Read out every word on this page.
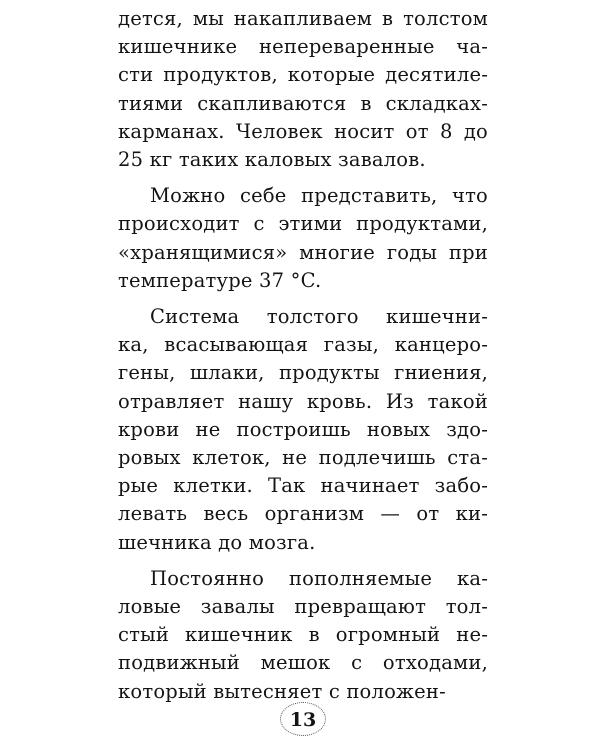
дется, мы накапливаем в толстом
кишечнике непереваренные ча-
сти продуктов, которые десятиле-
тиями скапливаются в складках-
карманах. Человек носит от 8 до
25 кг таких каловых завалов.
Можно себе представить, что
происходит с этими продуктами,
«хранящимися» многие годы при
температуре 37 °C.
Система толстого кишечни-
ка, всасывающая газы, канцеро-
гены, шлаки, продукты гниения,
отравляет нашу кровь. Из такой
крови не построишь новых здо-
ровых клеток, не подлечишь ста-
рые клетки. Так начинает забо-
левать весь организм — от ки-
шечника до мозга.
Постоянно пополняемые ка-
ловые завалы превращают тол-
стый кишечник в огромный не-
подвижный мешок с отходами,
который вытесняет с положен-
13
